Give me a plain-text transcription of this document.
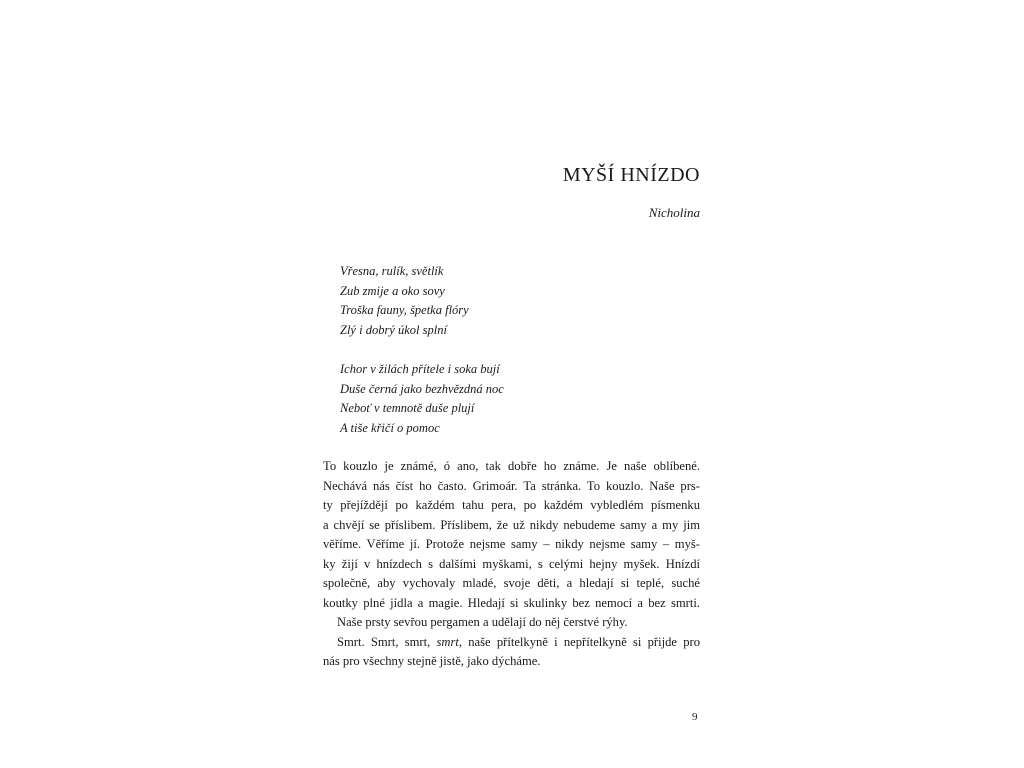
MYŠÍ HNÍZDO
Nicholina
Vřesna, rulík, světlík
Zub zmije a oko sovy
Troška fauny, špetka flóry
Zlý i dobrý úkol splní
Ichor v žilách přítele i soka bují
Duše černá jako bezhvězdná noc
Neboť v temnotě duše plují
A tiše křičí o pomoc
To kouzlo je známé, ó ano, tak dobře ho známe. Je naše oblíbené.
Nechává nás číst ho často. Grimoár. Ta stránka. To kouzlo. Naše prs-
ty přejíždějí po každém tahu pera, po každém vybledlém písmenku
a chvějí se příslibem. Příslibem, že už nikdy nebudeme samy a my jim
věříme. Věříme jí. Protože nejsme samy – nikdy nejsme samy – myš-
ky žijí v hnízdech s dalšími myškami, s celými hejny myšek. Hnízdí
společně, aby vychovaly mladé, svoje děti, a hledají si teplé, suché
koutky plné jídla a magie. Hledají si skulinky bez nemocí a bez smrti.
Naše prsty sevřou pergamen a udělají do něj čerstvé rýhy.
Smrt. Smrt, smrt, smrt, naše přítelkyně i nepřítelkyně si přijde pro
nás pro všechny stejně jistě, jako dýcháme.
9
